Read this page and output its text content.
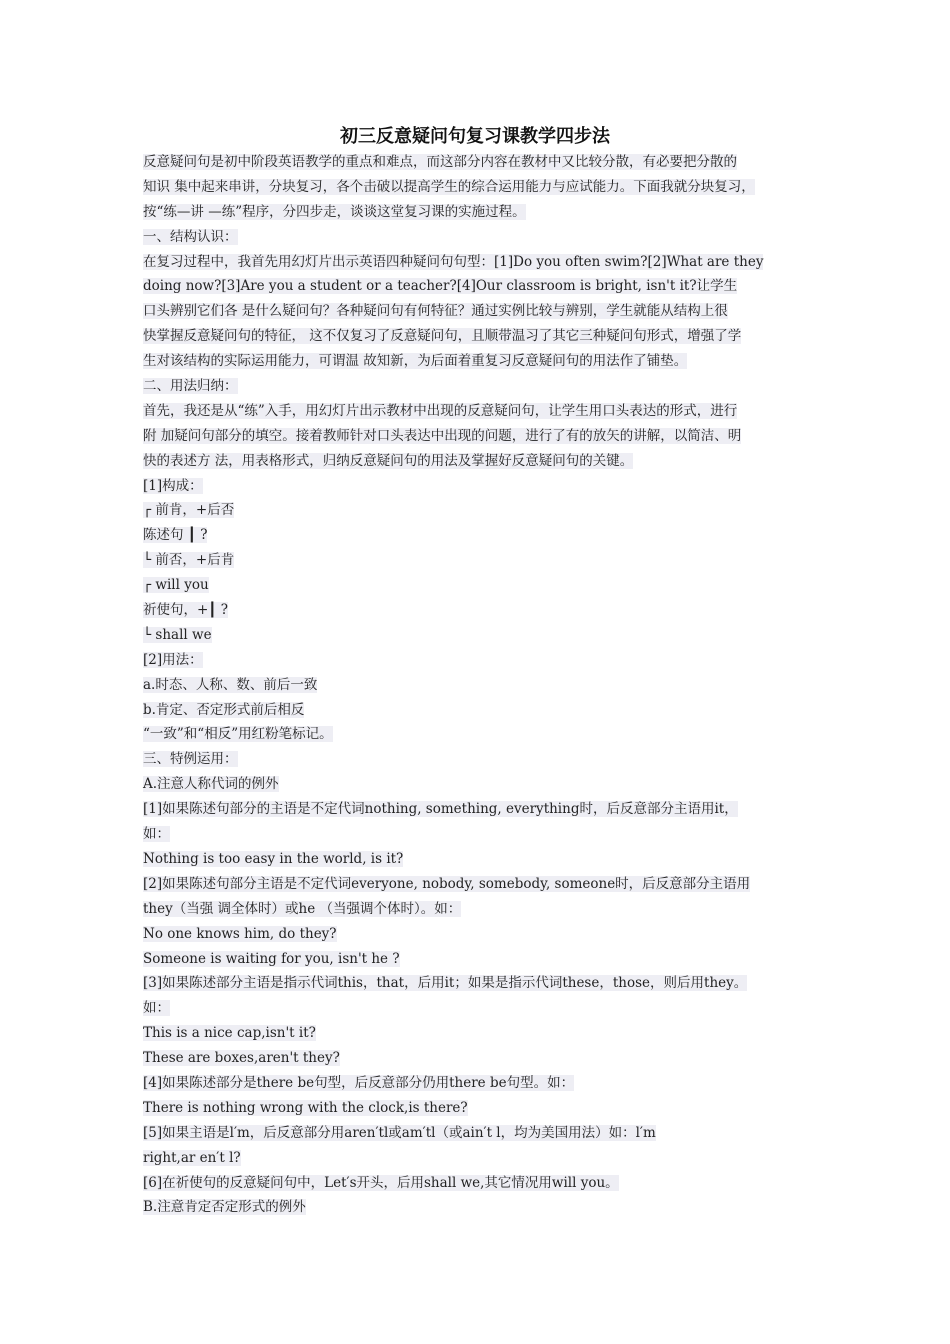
初三反意疑问句复习课教学四步法
反意疑问句是初中阶段英语教学的重点和难点，而这部分内容在教材中又比较分散，有必要把分散的
知识 集中起来串讲，分块复习，各个击破以提高学生的综合运用能力与应试能力。下面我就分块复习，
按“练—讲 —练”程序，分四步走，谈谈这堂复习课的实施过程。
一、结构认识：
在复习过程中，我首先用幻灯片出示英语四种疑问句句型：[1]Do you often swim?[2]What are they
doing now?[3]Are you a student or a teacher?[4]Our classroom is bright, isn't it?让学生
口头辨别它们各 是什么疑问句？各种疑问句有何特征？通过实例比较与辨别，学生就能从结构上很
快掌握反意疑问句的特征， 这不仅复习了反意疑问句，且顺带温习了其它三种疑问句形式，增强了学
生对该结构的实际运用能力，可谓温 故知新，为后面着重复习反意疑问句的用法作了铺垫。
二、用法归纳：
首先，我还是从“练”入手，用幻灯片出示教材中出现的反意疑问句，让学生用口头表达的形式，进行
附 加疑问句部分的填空。接着教师针对口头表达中出现的问题，进行了有的放矢的讲解，以简洁、明
快的表述方 法，用表格形式，归纳反意疑问句的用法及掌握好反意疑问句的关键。
[1]构成：
┌ 前肯，+后否
陈述句 ┃ ?
└ 前否，+后肯
┌ will you
祈使句，+┃ ?
└ shall we
[2]用法：
a.时态、人称、数、前后一致
b.肯定、否定形式前后相反
“一致”和“相反”用红粉笔标记。
三、特例运用：
A.注意人称代词的例外
[1]如果陈述句部分的主语是不定代词nothing, something, everything时，后反意部分主语用it，
如：
Nothing is too easy in the world, is it?
[2]如果陈述句部分主语是不定代词everyone, nobody, somebody, someone时，后反意部分主语用
they（当强 调全体时）或he （当强调个体时）。如：
No one knows him, do they?
Someone is waiting for you, isn't he ?
[3]如果陈述部分主语是指示代词this，that，后用it；如果是指示代词these，those，则后用they。
如：
This is a nice cap,isn't it?
These are boxes,aren't they?
[4]如果陈述部分是there be句型，后反意部分仍用there be句型。如：
There is nothing wrong with the clock,is there?
[5]如果主语是l′m，后反意部分用aren′tl或am′tl（或ain′t l，均为美国用法）如：l′m
right,ar en′t l?
[6]在祈使句的反意疑问句中，Let′s开头，后用shall we,其它情况用will you。
B.注意肯定否定形式的例外
